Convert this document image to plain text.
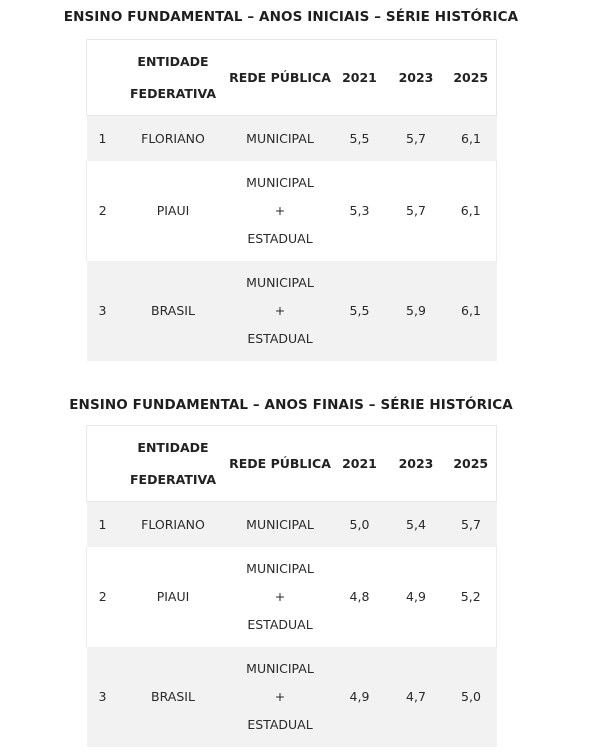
ENSINO FUNDAMENTAL – ANOS INICIAIS – SÉRIE HISTÓRICA
	ENTIDADE FEDERATIVA	REDE PÚBLICA	2021	2023	2025
1	FLORIANO	MUNICIPAL	5,5	5,7	6,1
2	PIAUI	MUNICIPAL
+
ESTADUAL	5,3	5,7	6,1
3	BRASIL	MUNICIPAL
+
ESTADUAL	5,5	5,9	6,1
ENSINO FUNDAMENTAL – ANOS FINAIS – SÉRIE HISTÓRICA
	ENTIDADE FEDERATIVA	REDE PÚBLICA	2021	2023	2025
1	FLORIANO	MUNICIPAL	5,0	5,4	5,7
2	PIAUI	MUNICIPAL
+
ESTADUAL	4,8	4,9	5,2
3	BRASIL	MUNICIPAL
+
ESTADUAL	4,9	4,7	5,0
